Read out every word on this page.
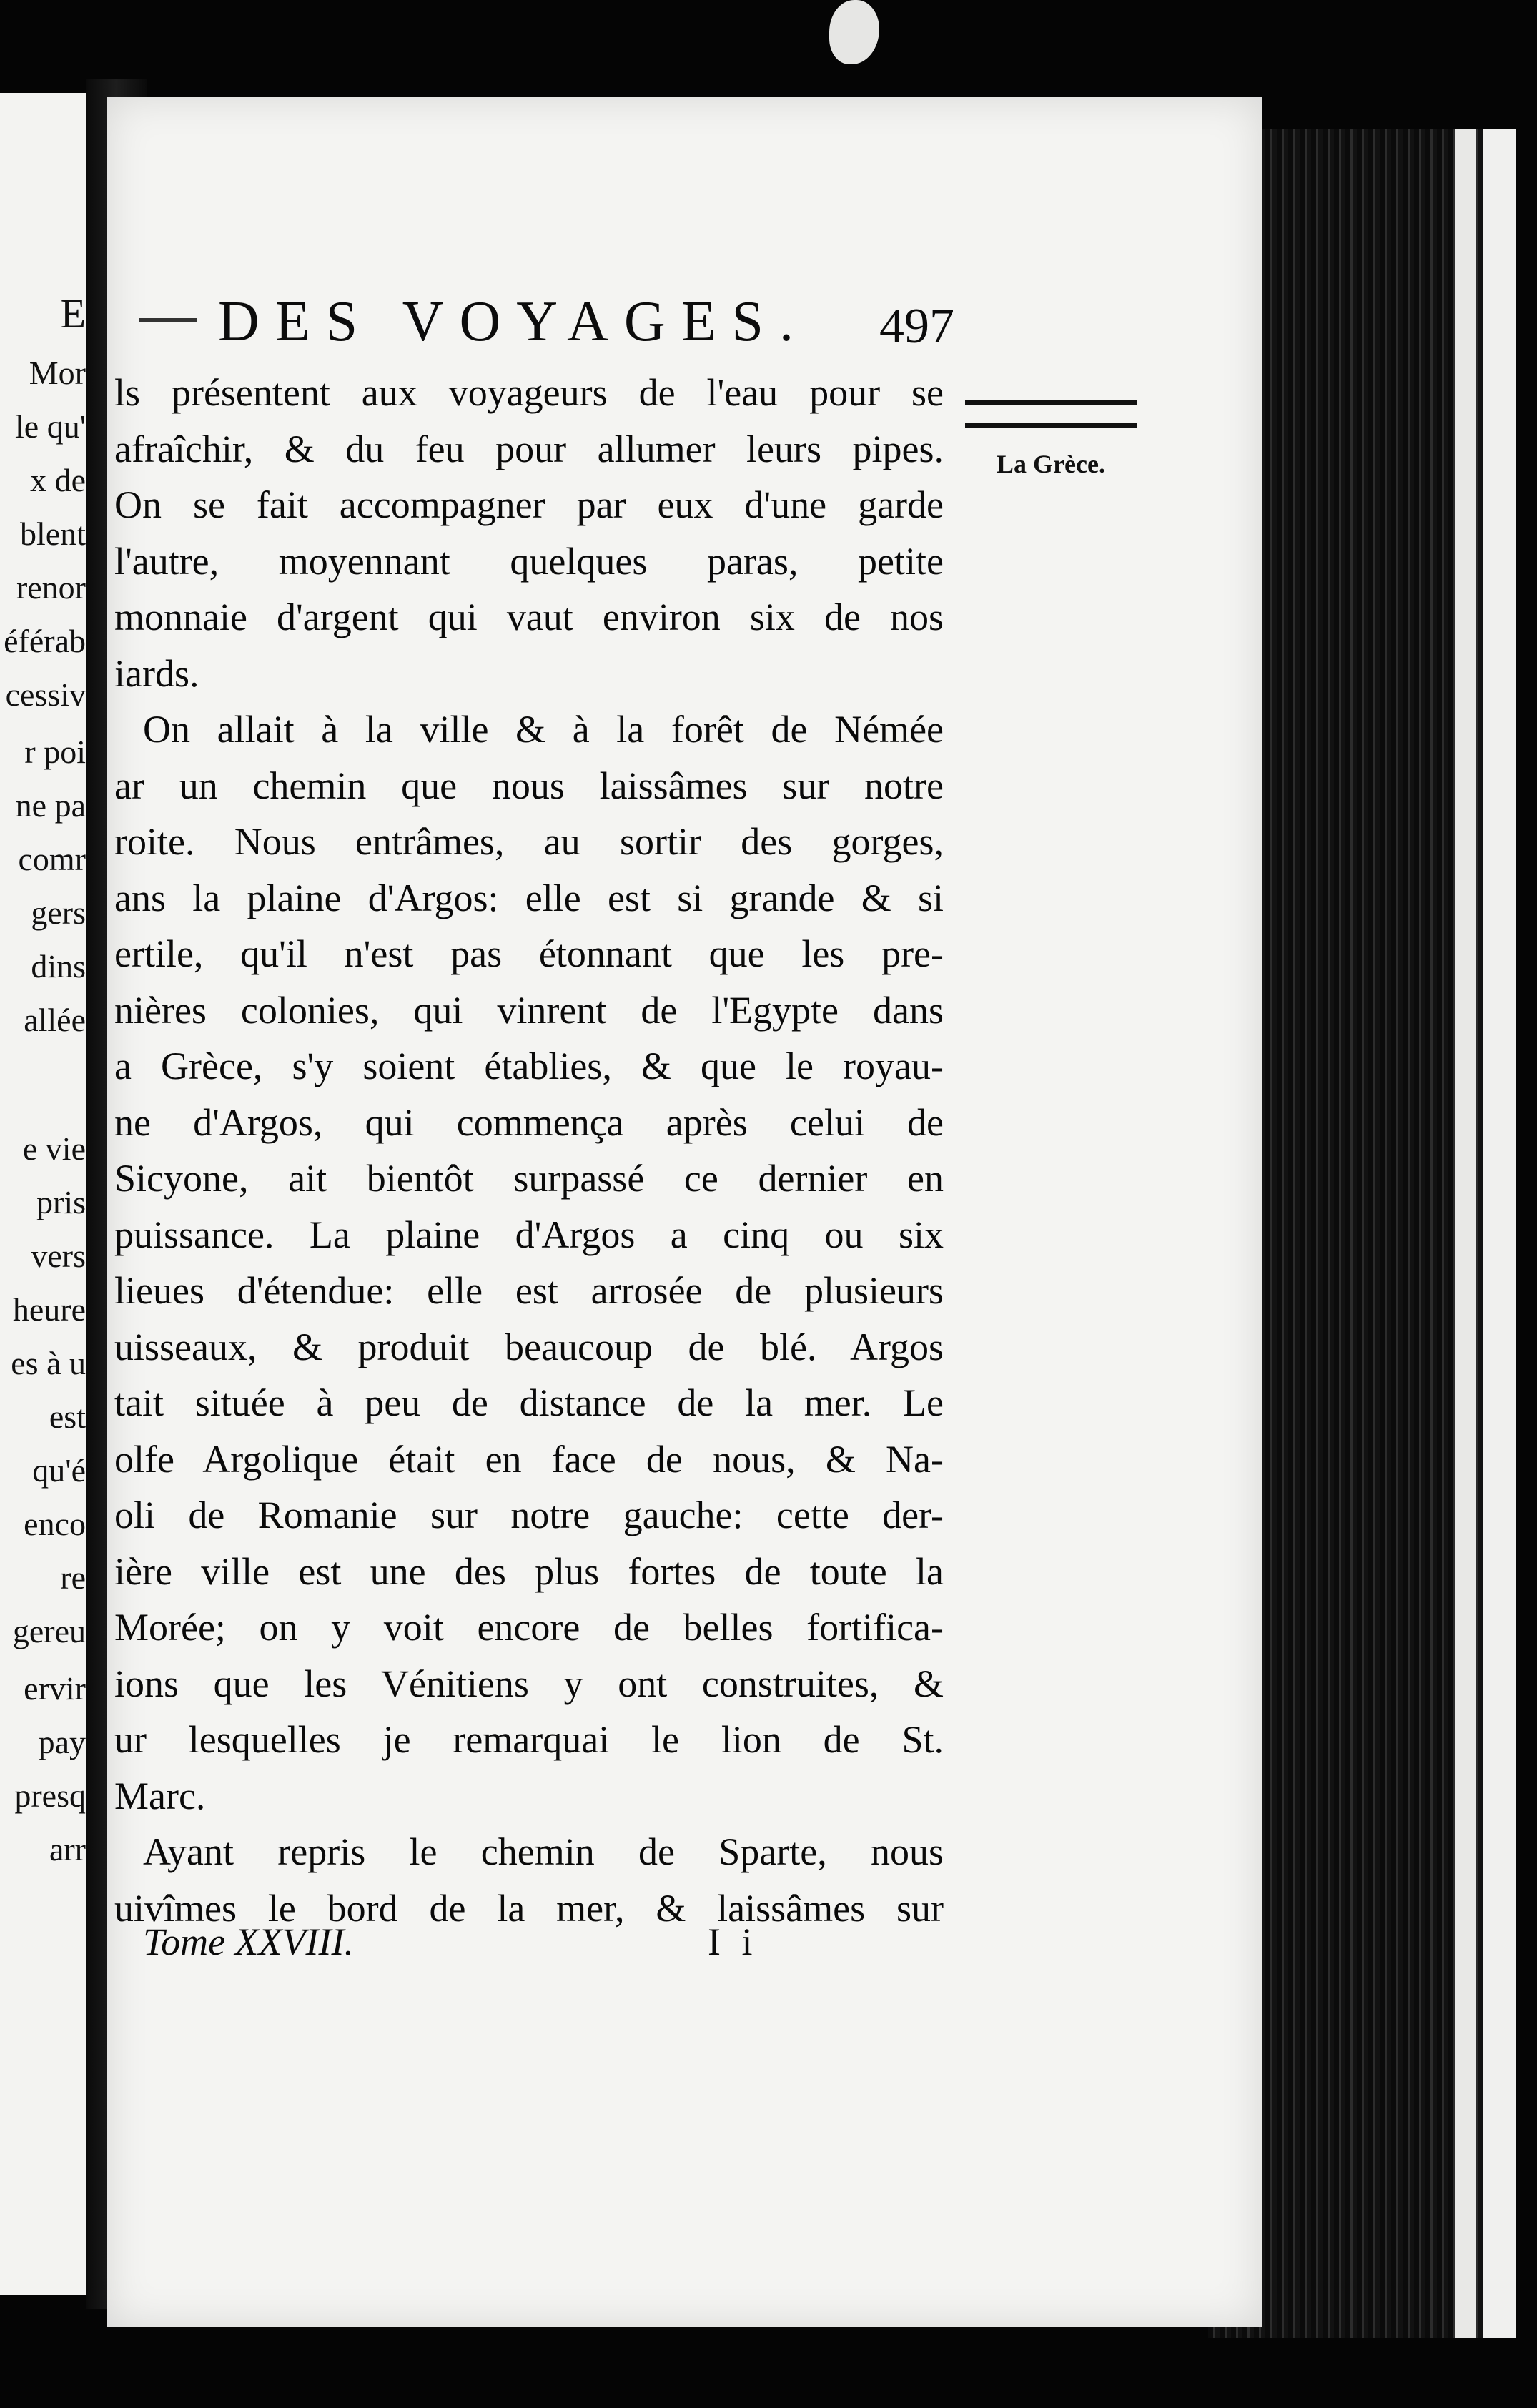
E
Mor
le qu'
x de
blent
renor
éférab
cessiv
r poi
ne pa
comr
gers
dins
allée
e vie
pris
vers
heure
es à u
est
qu'é
enco
re
gereu
ervir
pay
presq
arr
DES VOYAGES. 497
La Grèce.
ls présentent aux voyageurs de l'eau pour se
afraîchir, & du feu pour allumer leurs pipes.
On se fait accompagner par eux d'une garde
l'autre, moyennant quelques paras, petite
monnaie d'argent qui vaut environ six de nos
iards.
On allait à la ville & à la forêt de Némée
ar un chemin que nous laissâmes sur notre
roite. Nous entrâmes, au sortir des gorges,
ans la plaine d'Argos: elle est si grande & si
ertile, qu'il n'est pas étonnant que les pre-
nières colonies, qui vinrent de l'Egypte dans
a Grèce, s'y soient établies, & que le royau-
ne d'Argos, qui commença après celui de
Sicyone, ait bientôt surpassé ce dernier en
puissance. La plaine d'Argos a cinq ou six
lieues d'étendue: elle est arrosée de plusieurs
uisseaux, & produit beaucoup de blé. Argos
tait située à peu de distance de la mer. Le
olfe Argolique était en face de nous, & Na-
oli de Romanie sur notre gauche: cette der-
ière ville est une des plus fortes de toute la
Morée; on y voit encore de belles fortifica-
ions que les Vénitiens y ont construites, &
ur lesquelles je remarquai le lion de St.
Marc.
Ayant repris le chemin de Sparte, nous
uivîmes le bord de la mer, & laissâmes sur
Tome XXVIII.	I i
